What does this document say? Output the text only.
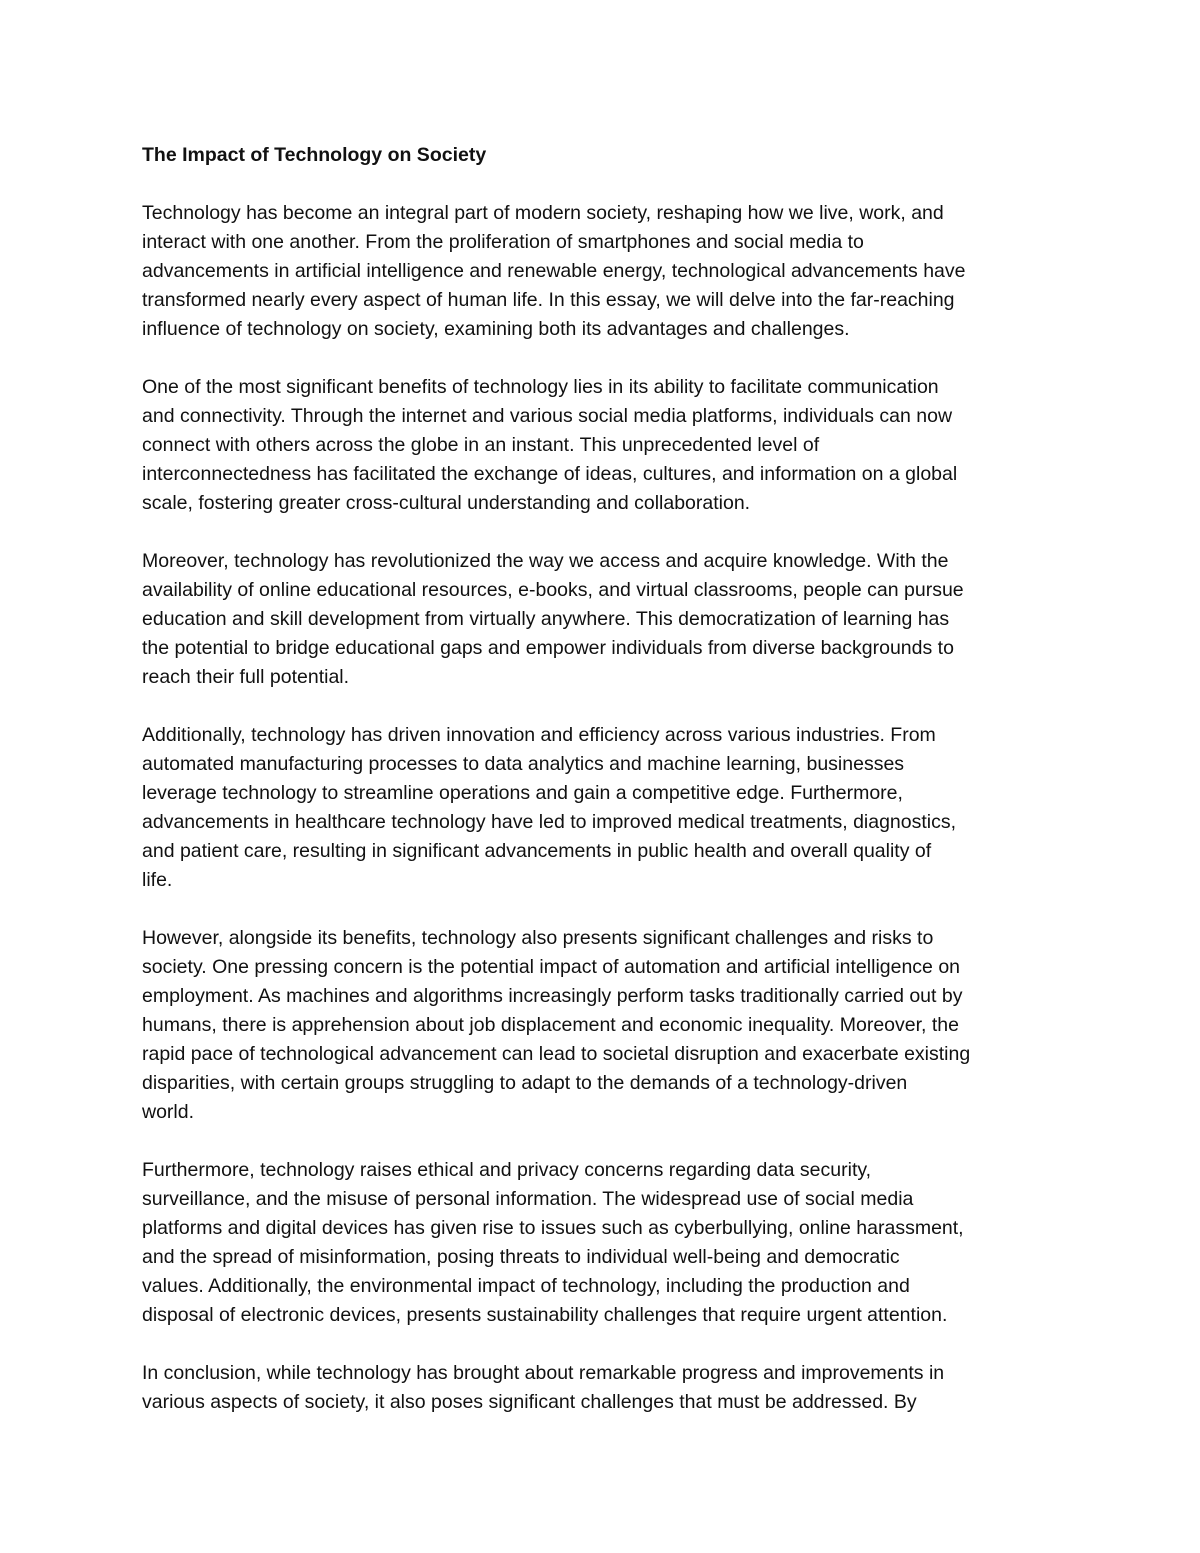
The Impact of Technology on Society
Technology has become an integral part of modern society, reshaping how we live, work, and
interact with one another. From the proliferation of smartphones and social media to
advancements in artificial intelligence and renewable energy, technological advancements have
transformed nearly every aspect of human life. In this essay, we will delve into the far-reaching
influence of technology on society, examining both its advantages and challenges.
One of the most significant benefits of technology lies in its ability to facilitate communication
and connectivity. Through the internet and various social media platforms, individuals can now
connect with others across the globe in an instant. This unprecedented level of
interconnectedness has facilitated the exchange of ideas, cultures, and information on a global
scale, fostering greater cross-cultural understanding and collaboration.
Moreover, technology has revolutionized the way we access and acquire knowledge. With the
availability of online educational resources, e-books, and virtual classrooms, people can pursue
education and skill development from virtually anywhere. This democratization of learning has
the potential to bridge educational gaps and empower individuals from diverse backgrounds to
reach their full potential.
Additionally, technology has driven innovation and efficiency across various industries. From
automated manufacturing processes to data analytics and machine learning, businesses
leverage technology to streamline operations and gain a competitive edge. Furthermore,
advancements in healthcare technology have led to improved medical treatments, diagnostics,
and patient care, resulting in significant advancements in public health and overall quality of
life.
However, alongside its benefits, technology also presents significant challenges and risks to
society. One pressing concern is the potential impact of automation and artificial intelligence on
employment. As machines and algorithms increasingly perform tasks traditionally carried out by
humans, there is apprehension about job displacement and economic inequality. Moreover, the
rapid pace of technological advancement can lead to societal disruption and exacerbate existing
disparities, with certain groups struggling to adapt to the demands of a technology-driven
world.
Furthermore, technology raises ethical and privacy concerns regarding data security,
surveillance, and the misuse of personal information. The widespread use of social media
platforms and digital devices has given rise to issues such as cyberbullying, online harassment,
and the spread of misinformation, posing threats to individual well-being and democratic
values. Additionally, the environmental impact of technology, including the production and
disposal of electronic devices, presents sustainability challenges that require urgent attention.
In conclusion, while technology has brought about remarkable progress and improvements in
various aspects of society, it also poses significant challenges that must be addressed. By
